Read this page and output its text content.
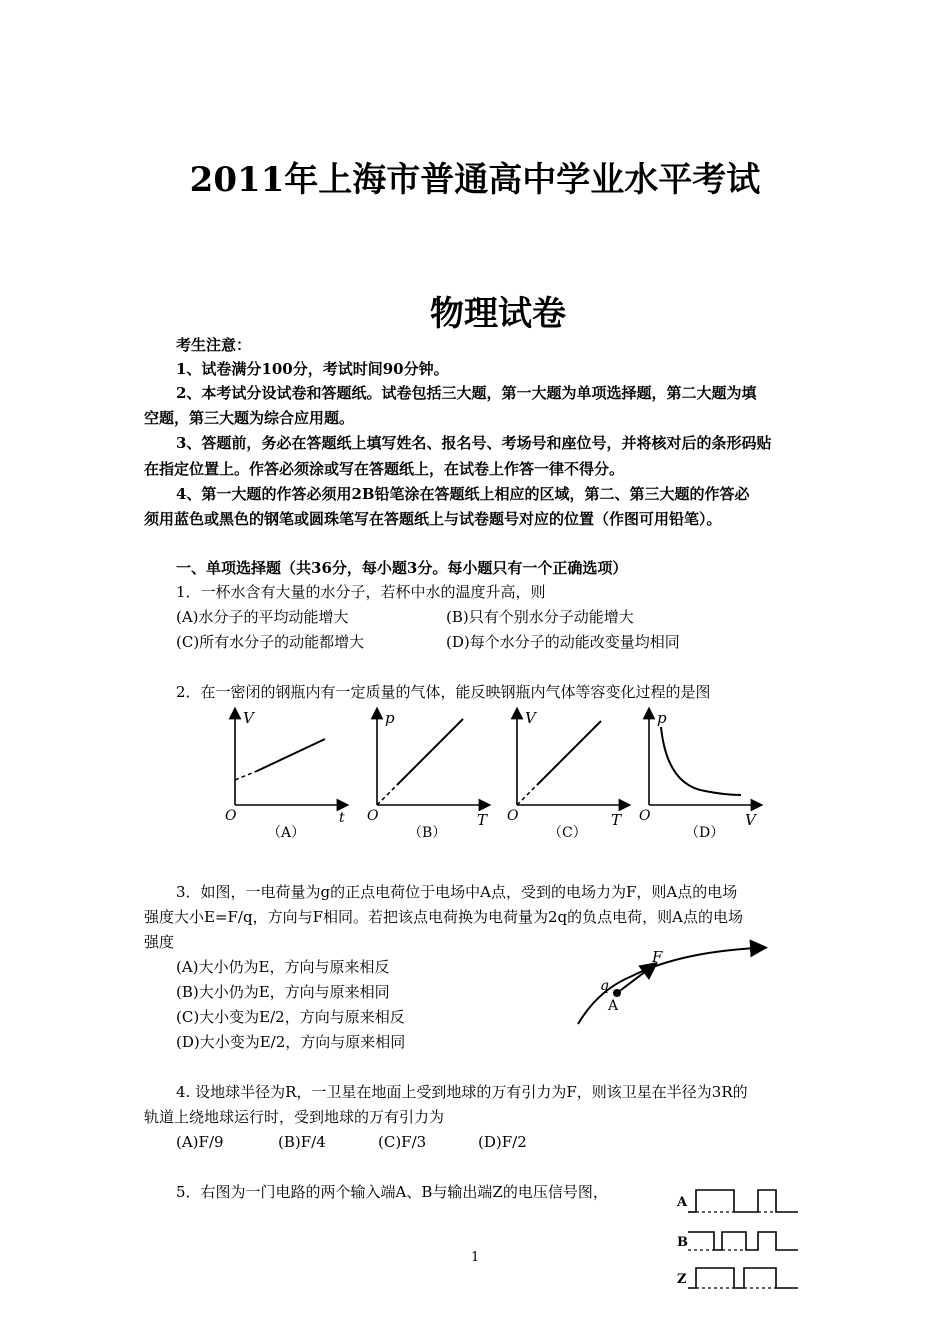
2011年上海市普通高中学业水平考试
物理试卷
考生注意：
1、试卷满分100分，考试时间90分钟。
2、本考试分设试卷和答题纸。试卷包括三大题，第一大题为单项选择题，第二大题为填
空题，第三大题为综合应用题。
3、答题前，务必在答题纸上填写姓名、报名号、考场号和座位号，并将核对后的条形码贴
在指定位置上。作答必须涂或写在答题纸上，在试卷上作答一律不得分。
4、第一大题的作答必须用2B铅笔涂在答题纸上相应的区域，第二、第三大题的作答必
须用蓝色或黑色的钢笔或圆珠笔写在答题纸上与试卷题号对应的位置（作图可用铅笔）。
一、单项选择题（共36分，每小题3分。每小题只有一个正确选项）
1．一杯水含有大量的水分子，若杯中水的温度升高，则
(A)水分子的平均动能增大	(B)只有个别水分子动能增大
(C)所有水分子的动能都增大	(D)每个水分子的动能改变量均相同
2．在一密闭的钢瓶内有一定质量的气体，能反映钢瓶内气体等容变化过程的是图
V
O	t
（A）
p
O	T
（B）
V
O	T
（C）
p
O	V
（D）
3．如图，一电荷量为g的正点电荷位于电场中A点，受到的电场力为F，则A点的电场
强度大小E=F/q，方向与F相同。若把该点电荷换为电荷量为2q的负点电荷，则A点的电场
强度
(A)大小仍为E，方向与原来相反
(B)大小仍为E，方向与原来相同
(C)大小变为E/2，方向与原来相反
(D)大小变为E/2，方向与原来相同
F
q
A
4. 设地球半径为R，一卫星在地面上受到地球的万有引力为F，则该卫星在半径为3R的
轨道上绕地球运行时，受到地球的万有引力为
(A)F/9	(B)F/4	(C)F/3	(D)F/2
5．右图为一门电路的两个输入端A、B与输出端Z的电压信号图，
A
B
Z
1
